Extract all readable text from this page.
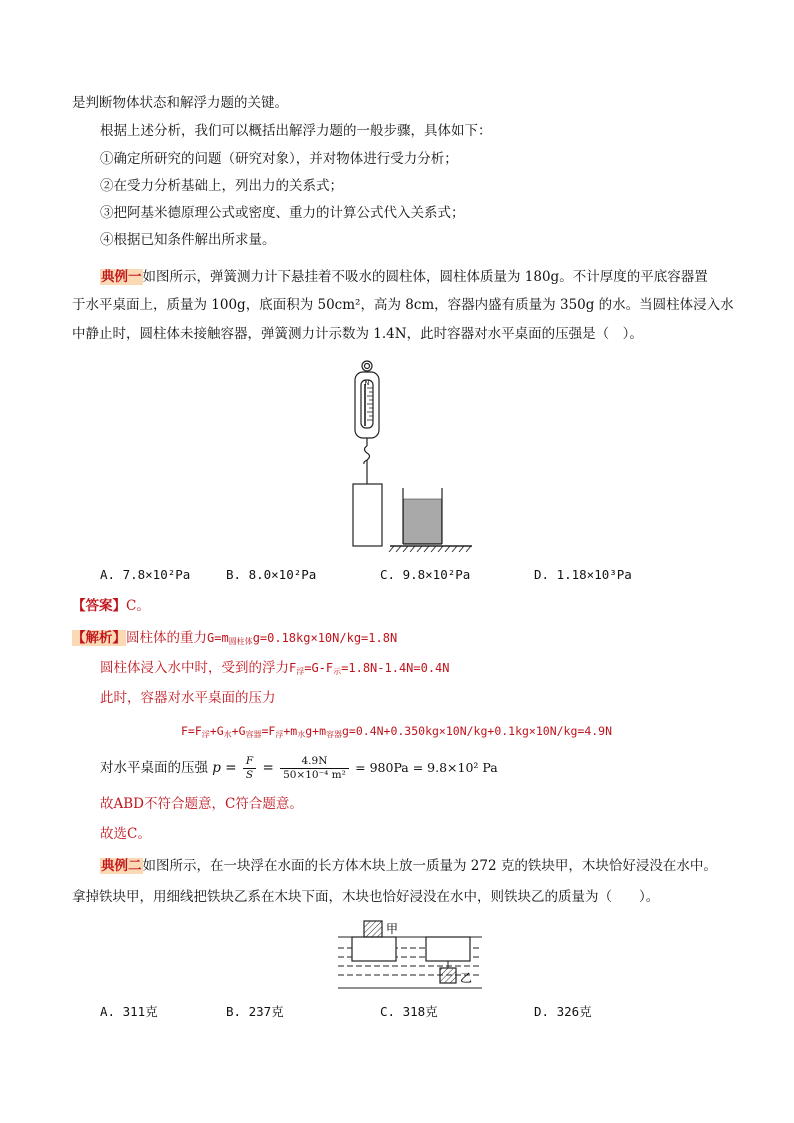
是判断物体状态和解浮力题的关键。
根据上述分析，我们可以概括出解浮力题的一般步骤，具体如下：
①确定所研究的问题（研究对象），并对物体进行受力分析；
②在受力分析基础上，列出力的关系式；
③把阿基米德原理公式或密度、重力的计算公式代入关系式；
④根据已知条件解出所求量。
典例一如图所示，弹簧测力计下悬挂着不吸水的圆柱体，圆柱体质量为 180g。不计厚度的平底容器置
于水平桌面上，质量为 100g，底面积为 50cm²，高为 8cm，容器内盛有质量为 350g 的水。当圆柱体浸入水
中静止时，圆柱体未接触容器，弹簧测力计示数为 1.4N，此时容器对水平桌面的压强是（　）。
N
A. 7.8×10²Pa	B. 8.0×10²Pa	C. 9.8×10²Pa	D. 1.18×10³Pa
【答案】C。
【解析】圆柱体的重力$G=m_{圆柱体}g=0.18kg\times 10N/kg=1.8N$
圆柱体浸入水中时，受到的浮力$F_浮=G-F_示=1.8N-1.4N=0.4N$
此时，容器对水平桌面的压力
$F=F_浮+G_水+G_{容器}=F_浮+m_水g+m_{容器}g=0.4N+0.350kg\times 10N/kg+0.1kg\times 10N/kg=4.9N$
对水平桌面的压强 $p = \frac{F}{S} = \frac{4.9N}{\text{50×10⁻⁴ m²}} = 980Pa = 9.8\times 10^2$ Pa
故ABD不符合题意，C符合题意。
故选C。
典例二如图所示，在一块浮在水面的长方体木块上放一质量为 272 克的铁块甲，木块恰好浸没在水中。
拿掉铁块甲，用细线把铁块乙系在木块下面，木块也恰好浸没在水中，则铁块乙的质量为（　　）。
甲
乙
A. 311克	B. 237克	C. 318克	D. 326克
